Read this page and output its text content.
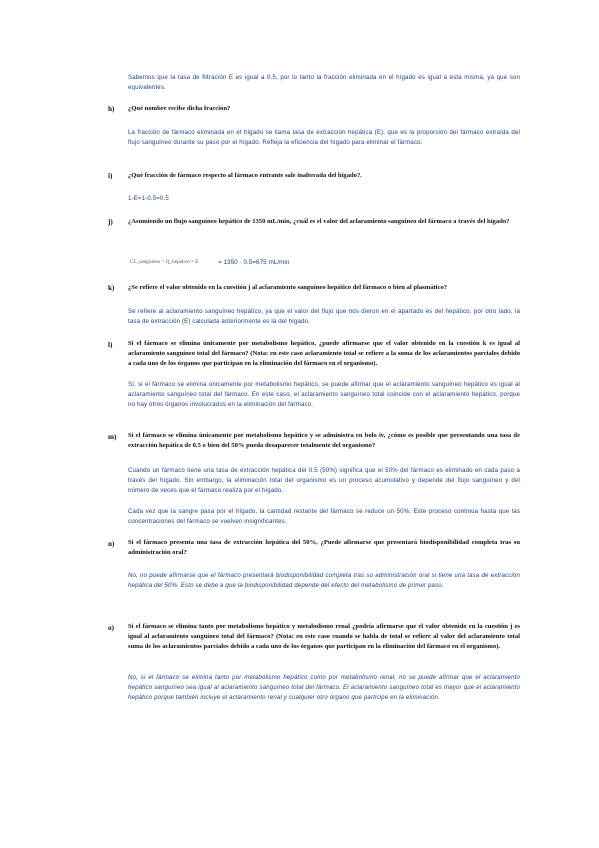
Sabemos que la tasa de filtración E es igual a 0.5, por lo tanto la fracción eliminada en el hígado es igual a esta misma, ya que son equivalentes.

h) ¿Qué nombre recibe dicha fracción?

La fracción de fármaco eliminada en el hígado se llama tasa de extracción hepática (E), que es la proporción del fármaco extraída del flujo sanguíneo durante su paso por el hígado. Refleja la eficiencia del hígado para eliminar el fármaco.

i) ¿Qué fracción de fármaco respecto al fármaco entrante sale inalterada del hígado?.

1-E=1-0.5=0.5

j) ¿Asumiendo un flujo sanguíneo hepático de 1350 mL/min, ¿cuál es el valor del aclaramiento sanguíneo del fármaco a través del hígado?

CL_sanguíneo = Q_hepático × E	= 1350 · 0.5=675 mL/min
k) ¿Se refiere el valor obtenido en la cuestión j al aclaramiento sanguíneo hepático del fármaco o bien al plasmático?

Se refiere al aclaramiento sanguíneo hepático, ya que el valor del flujo que nos dieron en el apartado es del hepático, por otro lado, la tasa de extracción (E) calculada anteriormente es la del hígado.

l) Si el fármaco se elimina únicamente por metabolismo hepático, ¿puede afirmarse que el valor obtenido en la cuestión k es igual al aclaramiento sanguíneo total del fármaco? (Nota: en este caso aclaramiento total se refiere a la suma de los aclaramientos parciales debido a cada uno de los órganos que participan en la eliminación del fármaco en el organismo).

Sí, si el fármaco se elimina únicamente por metabolismo hepático, se puede afirmar que el aclaramiento sanguíneo hepático es igual al aclaramiento sanguíneo total del fármaco. En este caso, el aclaramiento sanguíneo total coincide con el aclaramiento hepático, porque no hay otros órganos involucrados en la eliminación del fármaco.

m) Si el fármaco se elimina únicamente por metabolismo hepático y se administra en bolo iv, ¿cómo es posible que presentando una tasa de extracción hepática de 0.5 o bien del 50% pueda desaparecer totalmente del organismo?

Cuando un fármaco tiene una tasa de extracción hepática del 0.5 (50%) significa que el 50% del fármaco es eliminado en cada paso a través del hígado. Sin embargo, la eliminación total del organismo es un proceso acumulativo y depende del flujo sanguíneo y del número de veces que el fármaco realiza por el hígado.

Cada vez que la sangre pasa por el hígado, la cantidad restante del fármaco se reduce un 50%. Este proceso continúa hasta que las concentraciones del fármaco se vuelven insignificantes.

n) Si el fármaco presenta una tasa de extracción hepática del 50%, ¿Puede afirmarse que presentará biodisponibilidad completa tras su administración oral?

No, no puede afirmarse que el fármaco presentará biodisponibilidad completa tras su administración oral si tiene una tasa de extracción hepática del 50%. Esto se debe a que la biodisponibilidad depende del efecto del metabolismo de primer paso.

o) Si el fármaco se elimina tanto por metabolismo hepático y metabolismo renal ¿podría afirmarse que el valor obtenido en la cuestión j es igual al aclaramiento sanguíneo total del fármaco? (Nota: en este caso cuando se habla de total se refiere al valor del aclaramiento total suma de los aclaramientos parciales debido a cada uno de los órganos que participan en la eliminación del fármaco en el organismo).

No, si el fármaco se elimina tanto por metabolismo hepático como por metabolismo renal, no se puede afirmar que el aclaramiento hepático sanguíneo sea igual al aclaramiento sanguíneo total del fármaco. El aclaramiento sanguíneo total es mayor que el aclaramiento hepático porque también incluye el aclaramiento renal y cualquier otro órgano que participe en la eliminación.
